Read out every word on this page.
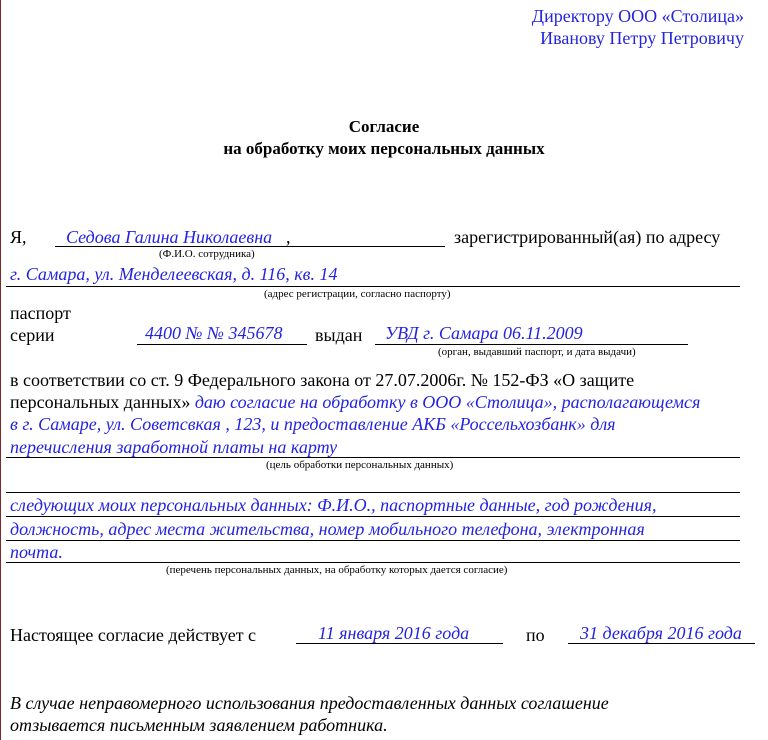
Директору ООО «Столица»
Иванову Петру Петровичу
Согласие
на обработку моих персональных данных
Я, Седова Галина Николаевна ,	зарегистрированный(ая) по адресу
(Ф.И.О. сотрудника)
г. Самара, ул. Менделеевская, д. 116, кв. 14
(адрес регистрации, согласно паспорту)
паспорт
серии	4400 № № 345678 выдан УВД г. Самара 06.11.2009
(орган, выдавший паспорт, и дата выдачи)
в соответствии со ст. 9 Федерального закона от 27.07.2006г. № 152-ФЗ «О защите
персональных данных» даю согласие на обработку в ООО «Столица», располагающемся
в г. Самаре, ул. Советсвкая , 123, и предоставление АКБ «Россельхозбанк» для
перечисления заработной платы на карту
(цель обработки персональных данных)
следующих моих персональных данных: Ф.И.О., паспортные данные, год рождения,
должность, адрес места жительства, номер мобильного телефона, электронная
почта.
(перечень персональных данных, на обработку которых дается согласие)
Настоящее согласие действует с	11 января 2016 года	по 31 декабря 2016 года
В случае неправомерного использования предоставленных данных соглашение
отзывается письменным заявлением работника.
